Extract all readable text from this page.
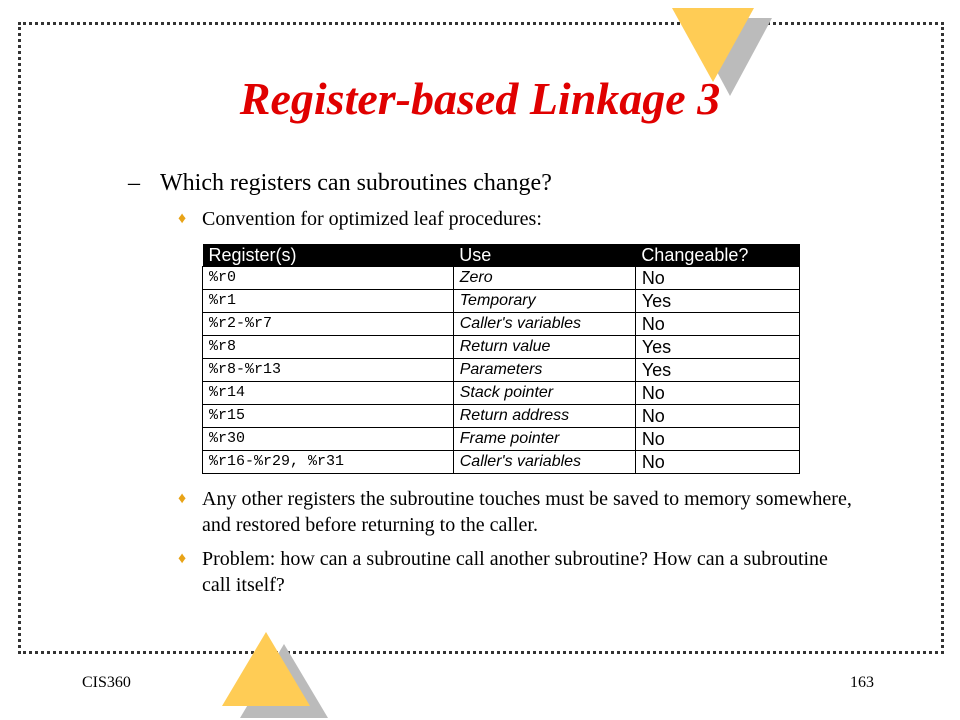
Register-based Linkage 3
– Which registers can subroutines change?
♦ Convention for optimized leaf procedures:
Register(s)	Use	Changeable?
%r0	Zero	No
%r1	Temporary	Yes
%r2-%r7	Caller's variables	No
%r8	Return value	Yes
%r8-%r13	Parameters	Yes
%r14	Stack pointer	No
%r15	Return address	No
%r30	Frame pointer	No
%r16-%r29, %r31	Caller's variables	No
♦ Any other registers the subroutine touches must be saved to memory somewhere, and restored before returning to the caller.
♦ Problem: how can a subroutine call another subroutine? How can a subroutine call itself?
CIS360	163
